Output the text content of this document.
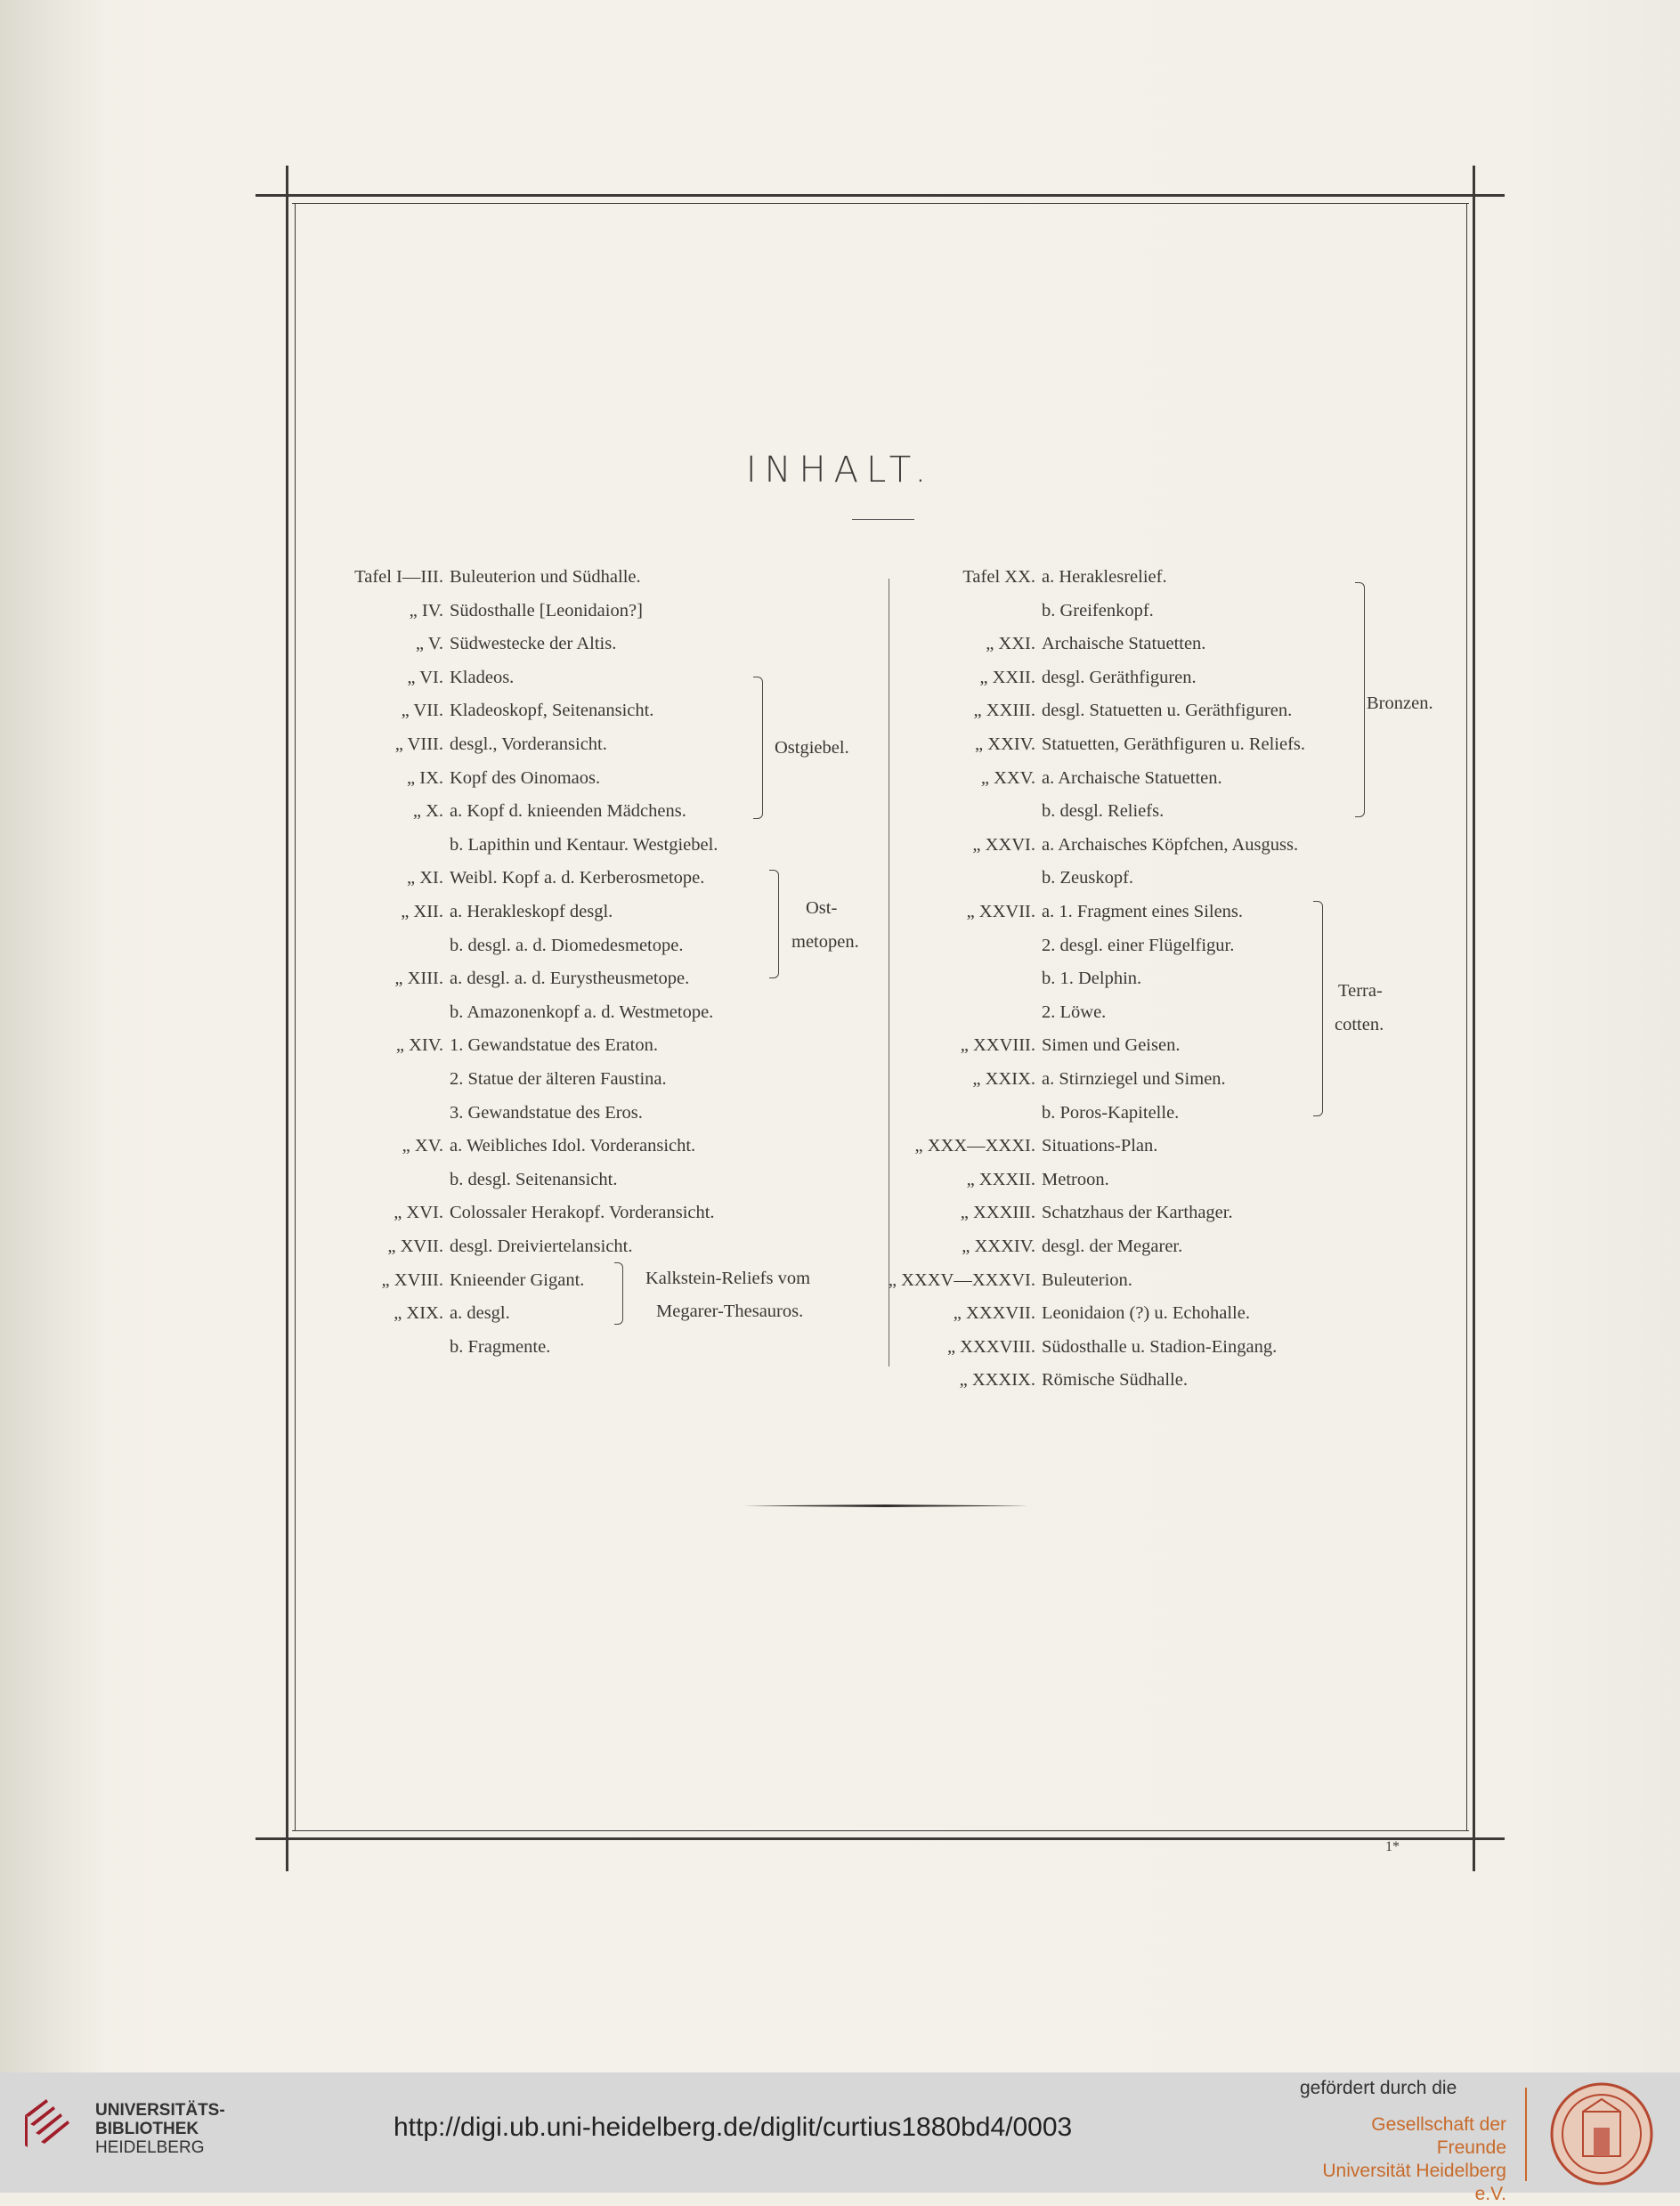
INHALT.
Tafel I—III. Buleuterion und Südhalle.
„ IV. Südosthalle [Leonidaion?]
„ V. Südwestecke der Altis.
„ VI. Kladeos.
„ VII. Kladeoskopf, Seitenansicht.
„ VIII. desgl., Vorderansicht.
„ IX. Kopf des Oinomaos.
„ X. a. Kopf d. knieenden Mädchens.
b. Lapithin und Kentaur. Westgiebel.
„ XI. Weibl. Kopf a. d. Kerberosmetope.
„ XII. a. Herakleskopf desgl.
b. desgl. a. d. Diomedesmetope.
„ XIII. a. desgl. a. d. Eurystheusmetope.
b. Amazonenkopf a. d. Westmetope.
„ XIV. 1. Gewandstatue des Eraton.
2. Statue der älteren Faustina.
3. Gewandstatue des Eros.
„ XV. a. Weibliches Idol. Vorderansicht.
b. desgl. Seitenansicht.
„ XVI. Colossaler Herakopf. Vorderansicht.
„ XVII. desgl. Dreiviertelansicht.
„ XVIII. Knieender Gigant.
„ XIX. a. desgl.
b. Fragmente.
Ostgiebel.
Ost-
metopen.
Kalkstein-Reliefs vom
Megarer-Thesauros.
Tafel XX. a. Heraklesrelief.
b. Greifenkopf.
„ XXI. Archaische Statuetten.
„ XXII. desgl. Geräthfiguren.
„ XXIII. desgl. Statuetten u. Geräthfiguren.
„ XXIV. Statuetten, Geräthfiguren u. Reliefs.
„ XXV. a. Archaische Statuetten.
b. desgl. Reliefs.
„ XXVI. a. Archaisches Köpfchen, Ausguss.
b. Zeuskopf.
„ XXVII. a. 1. Fragment eines Silens.
2. desgl. einer Flügelfigur.
b. 1. Delphin.
2. Löwe.
„ XXVIII. Simen und Geisen.
„ XXIX. a. Stirnziegel und Simen.
b. Poros-Kapitelle.
„ XXX—XXXI. Situations-Plan.
„ XXXII. Metroon.
„ XXXIII. Schatzhaus der Karthager.
„ XXXIV. desgl. der Megarer.
„ XXXV—XXXVI. Buleuterion.
„ XXXVII. Leonidaion (?) u. Echohalle.
„ XXXVIII. Südosthalle u. Stadion-Eingang.
„ XXXIX. Römische Südhalle.
Bronzen.
Terra-
cotten.
1*
UNIVERSITÄTS-
BIBLIOTHEK
HEIDELBERG
http://digi.ub.uni-heidelberg.de/diglit/curtius1880bd4/0003
gefördert durch die
Gesellschaft der Freunde
Universität Heidelberg e.V.
